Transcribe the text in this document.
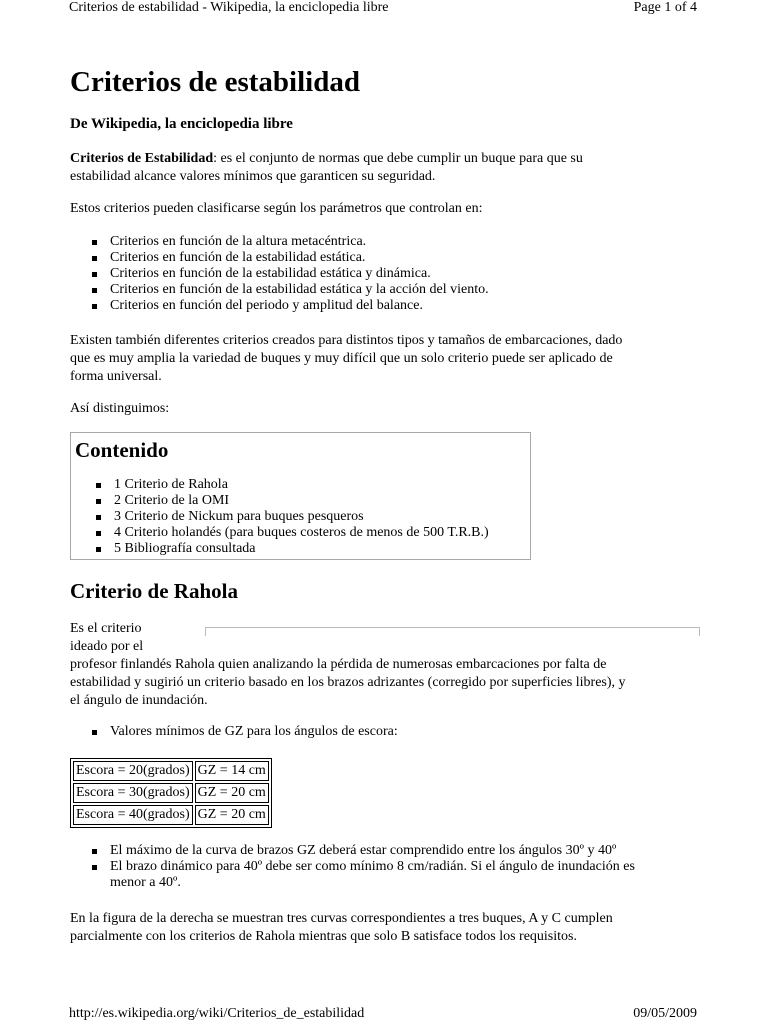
Criterios de estabilidad - Wikipedia, la enciclopedia libre	Page 1 of 4
Criterios de estabilidad
De Wikipedia, la enciclopedia libre

Criterios de Estabilidad: es el conjunto de normas que debe cumplir un buque para que su
estabilidad alcance valores mínimos que garanticen su seguridad.

Estos criterios pueden clasificarse según los parámetros que controlan en:

Criterios en función de la altura metacéntrica.
Criterios en función de la estabilidad estática.
Criterios en función de la estabilidad estática y dinámica.
Criterios en función de la estabilidad estática y la acción del viento.
Criterios en función del periodo y amplitud del balance.

Existen también diferentes criterios creados para distintos tipos y tamaños de embarcaciones, dado
que es muy amplia la variedad de buques y muy difícil que un solo criterio puede ser aplicado de
forma universal.

Así distinguimos:

Contenido
1 Criterio de Rahola
2 Criterio de la OMI
3 Criterio de Nickum para buques pesqueros
4 Criterio holandés (para buques costeros de menos de 500 T.R.B.)
5 Bibliografía consultada
Criterio de Rahola

Es el criterio
ideado por el

profesor finlandés Rahola quien analizando la pérdida de numerosas embarcaciones por falta de
estabilidad y sugirió un criterio basado en los brazos adrizantes (corregido por superficies libres), y
el ángulo de inundación.

Valores mínimos de GZ para los ángulos de escora:
Escora = 20(grados)	GZ = 14 cm
Escora = 30(grados)	GZ = 20 cm
Escora = 40(grados)	GZ = 20 cm
El máximo de la curva de brazos GZ deberá estar comprendido entre los ángulos 30º y 40º
El brazo dinámico para 40º debe ser como mínimo 8 cm/radián. Si el ángulo de inundación es
menor a 40º.

En la figura de la derecha se muestran tres curvas correspondientes a tres buques, A y C cumplen
parcialmente con los criterios de Rahola mientras que solo B satisface todos los requisitos.

http://es.wikipedia.org/wiki/Criterios_de_estabilidad	09/05/2009
